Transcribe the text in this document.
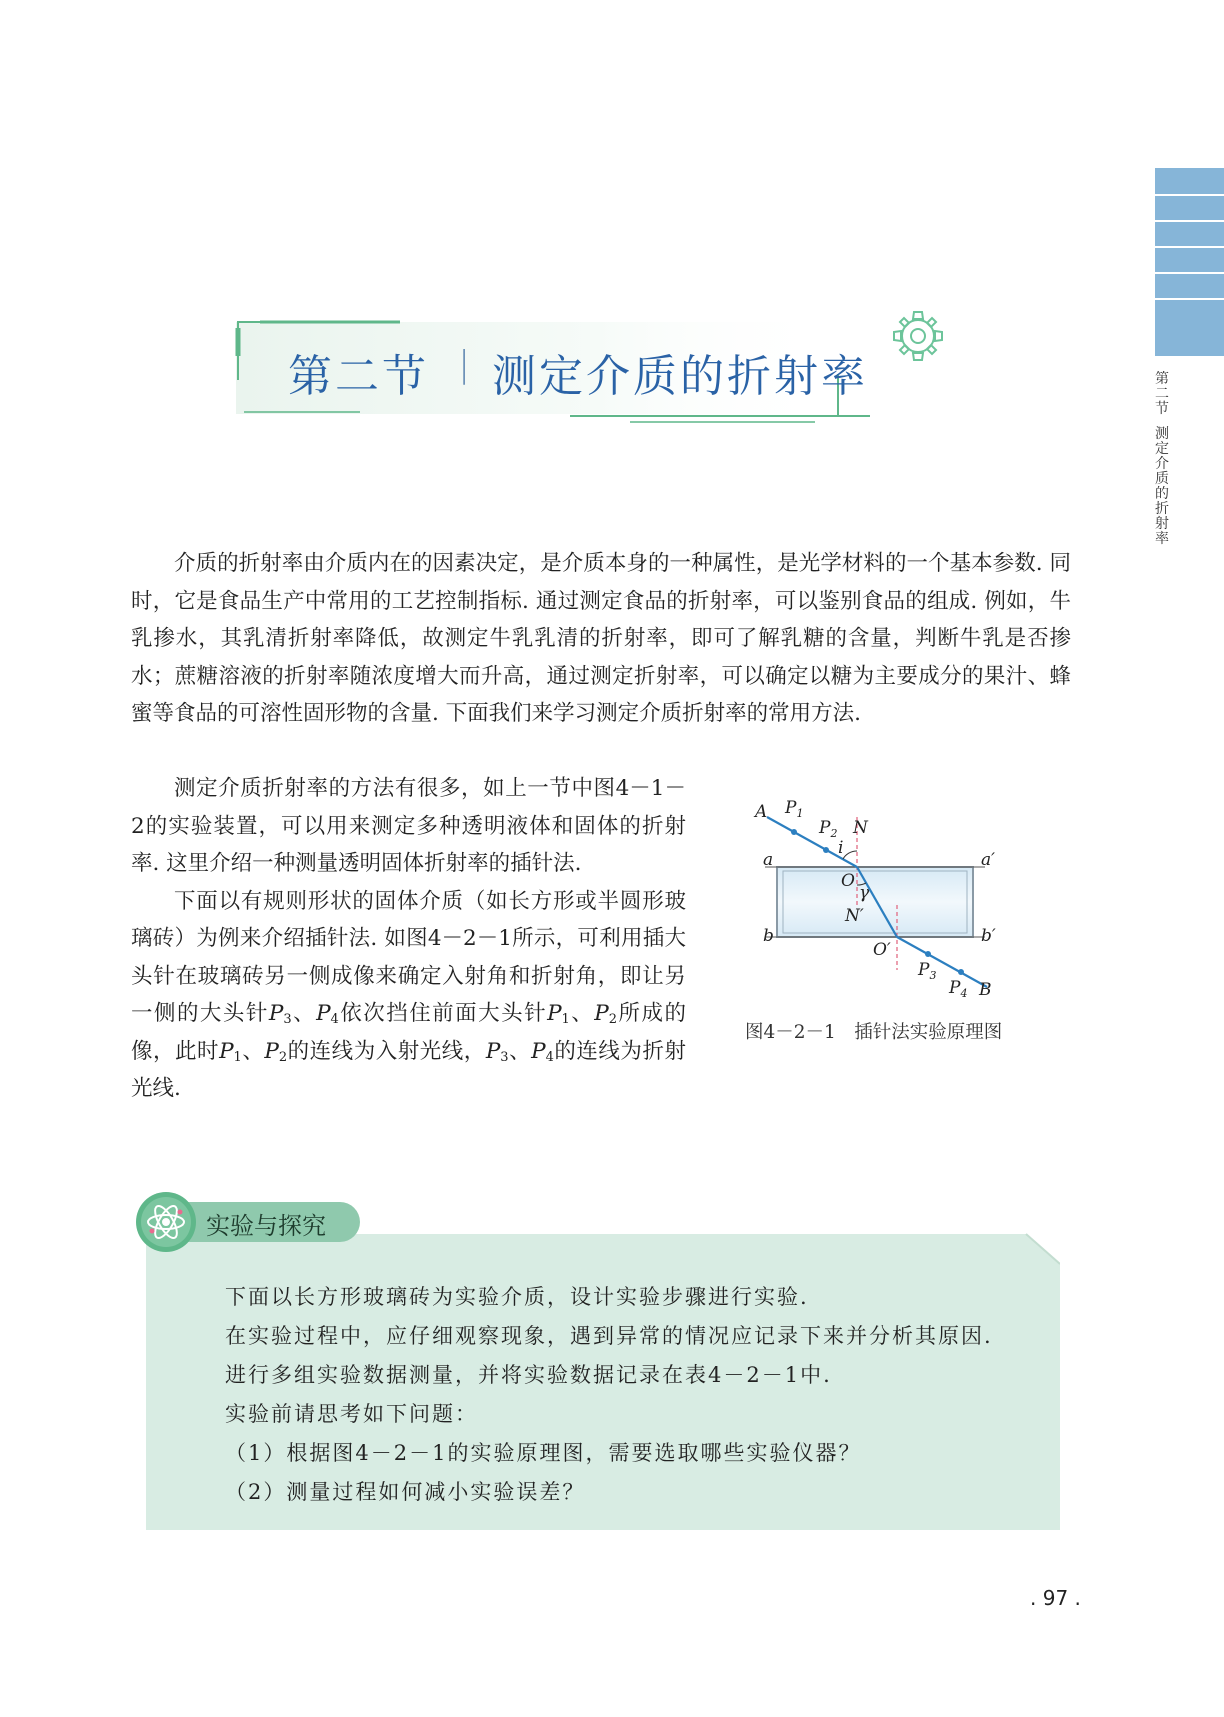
第二节
测定介质的折射率
第二节 | 测定介质的折射率

介质的折射率由介质内在的因素决定，是介质本身的一种属性，是光学材料的一个基本参数. 同时，它是食品生产中常用的工艺控制指标. 通过测定食品的折射率，可以鉴别食品的组成. 例如，牛乳掺水，其乳清折射率降低，故测定牛乳乳清的折射率，即可了解乳糖的含量，判断牛乳是否掺水；蔗糖溶液的折射率随浓度增大而升高，通过测定折射率，可以确定以糖为主要成分的果汁、蜂蜜等食品的可溶性固形物的含量. 下面我们来学习测定介质折射率的常用方法.

测定介质折射率的方法有很多，如上一节中图4－1－2的实验装置，可以用来测定多种透明液体和固体的折射率. 这里介绍一种测量透明固体折射率的插针法.

下面以有规则形状的固体介质（如长方形或半圆形玻璃砖）为例来介绍插针法. 如图4－2－1所示，可利用插大头针在玻璃砖另一侧成像来确定入射角和折射角，即让另一侧的大头针$P_3$、$P_4$依次挡住前面大头针$P_1$、$P_2$所成的像，此时$P_1$、$P_2$的连线为入射光线，$P_3$、$P_4$的连线为折射光线.

A $P_1$
$P_2$ N
i
a	a′
O
γ
N′
b	b′
O′
$P_3$
$P_4$ B
图4－2－1　插针法实验原理图
实验与探究
下面以长方形玻璃砖为实验介质，设计实验步骤进行实验.
在实验过程中，应仔细观察现象，遇到异常的情况应记录下来并分析其原因.
进行多组实验数据测量，并将实验数据记录在表4－2－1中.
实验前请思考如下问题：
（1）根据图4－2－1的实验原理图，需要选取哪些实验仪器？
（2）测量过程如何减小实验误差？
. 97 .
